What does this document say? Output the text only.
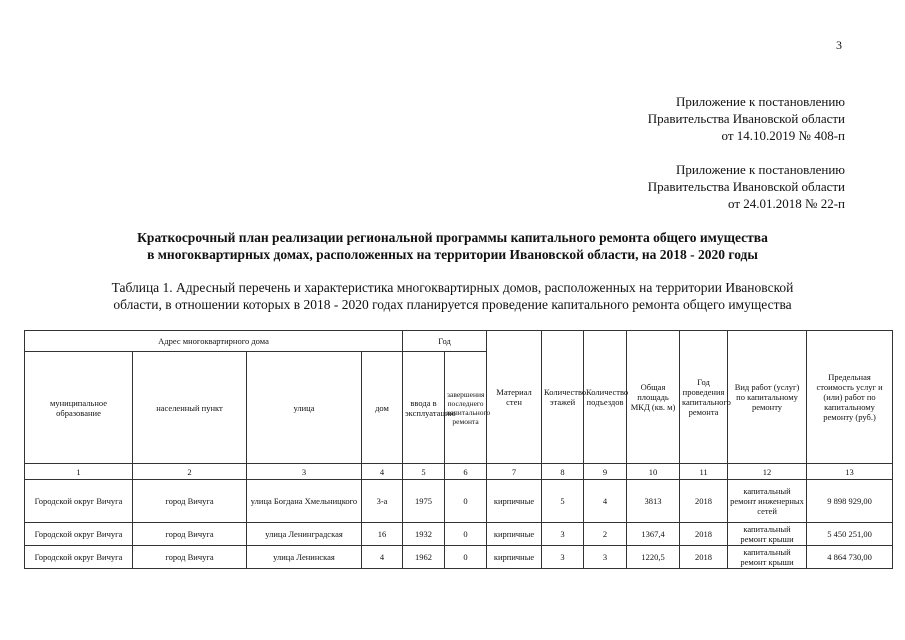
3
Приложение к постановлению
Правительства Ивановской области
от 14.10.2019 № 408-п
Приложение к постановлению
Правительства Ивановской области
от 24.01.2018 № 22-п
Краткосрочный план реализации региональной программы капитального ремонта общего имущества
в многоквартирных домах, расположенных на территории Ивановской области, на 2018 - 2020 годы
Таблица 1. Адресный перечень и характеристика многоквартирных домов, расположенных на территории Ивановской
области, в отношении которых в 2018 - 2020 годах планируется проведение капитального ремонта общего имущества
Адрес многоквартирного дома				Год		Материал стен	Количество этажей	Количество подъездов	Общая площадь МКД (кв. м)	Год проведения капитального ремонта	Вид работ (услуг) по капитальному ремонту	Предельная стоимость услуг и (или) работ по капитальному ремонту (руб.)
муниципальное образование	населенный пункт	улица	дом	ввода в эксплуатацию	завершения последнего капитального ремонта							
1	2	3	4	5	6	7	8	9	10	11	12	13
Городской округ Вичуга	город Вичуга	улица Богдана Хмельницкого	3-а	1975	0	кирпичные	5	4	3813	2018	капитальный ремонт инженерных сетей	9 898 929,00
Городской округ Вичуга	город Вичуга	улица Ленинградская	16	1932	0	кирпичные	3	2	1367,4	2018	капитальный ремонт крыши	5 450 251,00
Городской округ Вичуга	город Вичуга	улица Ленинская	4	1962	0	кирпичные	3	3	1220,5	2018	капитальный ремонт крыши	4 864 730,00
